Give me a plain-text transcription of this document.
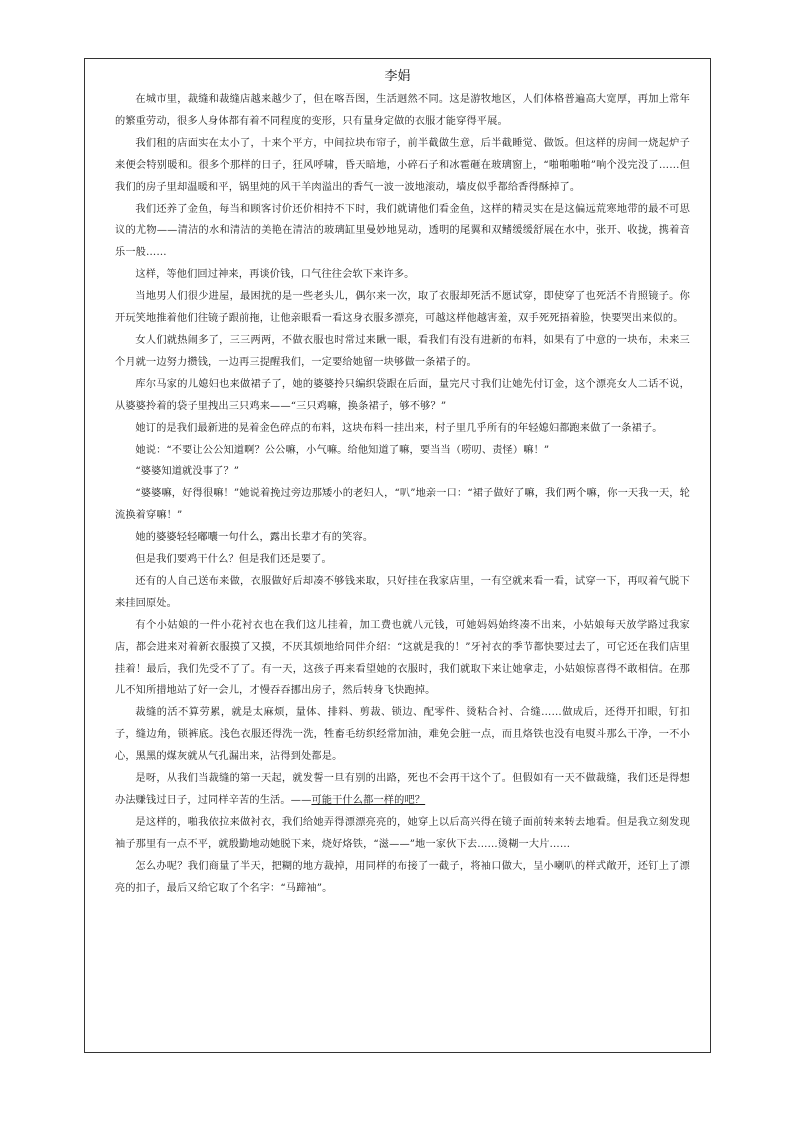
李娟

在城市里，裁缝和裁缝店越来越少了，但在喀吾图，生活迥然不同。这是游牧地区，人们体格普遍高大宽厚，再加上常年的繁重劳动，很多人身体都有着不同程度的变形，只有量身定做的衣服才能穿得平展。

我们租的店面实在太小了，十来个平方，中间拉块布帘子，前半截做生意，后半截睡觉、做饭。但这样的房间一烧起炉子来便会特别暖和。很多个那样的日子，狂风呼啸，昏天暗地，小碎石子和冰雹砸在玻璃窗上，“啪啪啪啪”响个没完没了……但我们的房子里却温暖和平，锅里炖的风干羊肉溢出的香气一波一波地滚动，墙皮似乎都给香得酥掉了。

我们还养了金鱼，每当和顾客讨价还价相持不下时，我们就请他们看金鱼，这样的精灵实在是这偏远荒寒地带的最不可思议的尤物——清洁的水和清洁的美艳在清洁的玻璃缸里曼妙地晃动，透明的尾翼和双鳍缓缓舒展在水中，张开、收拢，携着音乐一般……

这样，等他们回过神来，再谈价钱，口气往往会软下来许多。

当地男人们很少进屋，最困扰的是一些老头儿，偶尔来一次，取了衣服却死活不愿试穿，即使穿了也死活不肯照镜子。你开玩笑地推着他们往镜子跟前拖，让他亲眼看一看这身衣服多漂亮，可越这样他越害羞，双手死死捂着脸，快要哭出来似的。

女人们就热闹多了，三三两两，不做衣服也时常过来瞅一眼，看我们有没有进新的布料，如果有了中意的一块布，未来三个月就一边努力攒钱，一边再三提醒我们，一定要给她留一块够做一条裙子的。

库尔马家的儿媳妇也来做裙子了，她的婆婆拎只编织袋跟在后面，量完尺寸我们让她先付订金，这个漂亮女人二话不说，从婆婆拎着的袋子里拽出三只鸡来——“三只鸡嘛，换条裙子，够不够？”

她订的是我们最新进的晃着金色碎点的布料，这块布料一挂出来，村子里几乎所有的年轻媳妇都跑来做了一条裙子。

她说：“不要让公公知道啊？公公嘛，小气嘛。给他知道了嘛，要当当（唠叨、责怪）嘛！”

“婆婆知道就没事了？”

“婆婆嘛，好得很嘛！”她说着挽过旁边那矮小的老妇人，“叭”地亲一口：“裙子做好了嘛，我们两个嘛，你一天我一天，轮流换着穿嘛！”

她的婆婆轻轻嘟囔一句什么，露出长辈才有的笑容。

但是我们要鸡干什么？但是我们还是要了。

还有的人自己送布来做，衣服做好后却凑不够钱来取，只好挂在我家店里，一有空就来看一看，试穿一下，再叹着气脱下来挂回原处。

有个小姑娘的一件小花衬衣也在我们这儿挂着，加工费也就八元钱，可她妈妈始终凑不出来，小姑娘每天放学路过我家店，都会进来对着新衣服摸了又摸，不厌其烦地给同伴介绍：“这就是我的！”牙衬衣的季节都快要过去了，可它还在我们店里挂着！最后，我们先受不了了。有一天，这孩子再来看望她的衣服时，我们就取下来让她拿走，小姑娘惊喜得不敢相信。在那儿不知所措地站了好一会儿，才慢吞吞挪出房子，然后转身飞快跑掉。

裁缝的活不算劳累，就是太麻烦，量体、排料、剪裁、锁边、配零件、烫粘合衬、合缝……做成后，还得开扣眼，钉扣子，缝边角，锁裤底。浅色衣服还得洗一洗，牲畜毛纺织经常加油，难免会脏一点，而且烙铁也没有电熨斗那么干净，一不小心，黑黑的煤灰就从气孔漏出来，沾得到处都是。

是呀，从我们当裁缝的第一天起，就发誓一旦有别的出路，死也不会再干这个了。但假如有一天不做裁缝，我们还是得想办法赚钱过日子，过同样辛苦的生活。——可能干什么都一样的吧？

是这样的，啪我依拉来做衬衣，我们给她弄得漂漂亮亮的，她穿上以后高兴得在镜子面前转来转去地看。但是我立刻发现袖子那里有一点不平，就殷勤地动她脱下来，烧好烙铁，“滋——”地一家伙下去……烫糊一大片……

怎么办呢？我们商量了半天，把糊的地方裁掉，用同样的布接了一截子，将袖口做大，呈小喇叭的样式敞开，还钉上了漂亮的扣子，最后又给它取了个名字：“马蹄袖”。
